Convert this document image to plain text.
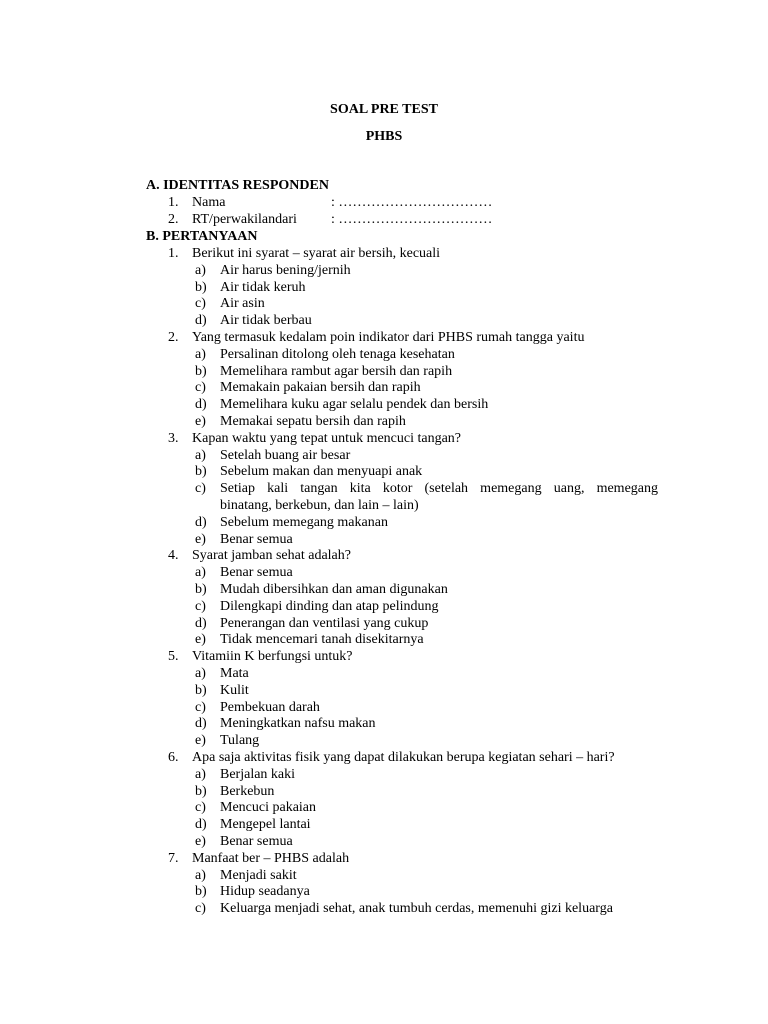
SOAL PRE TEST
PHBS
A. IDENTITAS RESPONDEN
1. Nama	: ……………………………
2. RT/perwakilandari : ……………………………
B. PERTANYAAN
1. Berikut ini syarat – syarat air bersih, kecuali
a) Air harus bening/jernih
b) Air tidak keruh
c) Air asin
d) Air tidak berbau
2. Yang termasuk kedalam poin indikator dari PHBS rumah tangga yaitu
a) Persalinan ditolong oleh tenaga kesehatan
b) Memelihara rambut agar bersih dan rapih
c) Memakain pakaian bersih dan rapih
d) Memelihara kuku agar selalu pendek dan bersih
e) Memakai sepatu bersih dan rapih
3. Kapan waktu yang tepat untuk mencuci tangan?
a) Setelah buang air besar
b) Sebelum makan dan menyuapi anak
c) Setiap kali tangan kita kotor (setelah memegang uang, memegang
binatang, berkebun, dan lain – lain)
d) Sebelum memegang makanan
e) Benar semua
4. Syarat jamban sehat adalah?
a) Benar semua
b) Mudah dibersihkan dan aman digunakan
c) Dilengkapi dinding dan atap pelindung
d) Penerangan dan ventilasi yang cukup
e) Tidak mencemari tanah disekitarnya
5. Vitamiin K berfungsi untuk?
a) Mata
b) Kulit
c) Pembekuan darah
d) Meningkatkan nafsu makan
e) Tulang
6. Apa saja aktivitas fisik yang dapat dilakukan berupa kegiatan sehari – hari?
a) Berjalan kaki
b) Berkebun
c) Mencuci pakaian
d) Mengepel lantai
e) Benar semua
7. Manfaat ber – PHBS adalah
a) Menjadi sakit
b) Hidup seadanya
c) Keluarga menjadi sehat, anak tumbuh cerdas, memenuhi gizi keluarga
